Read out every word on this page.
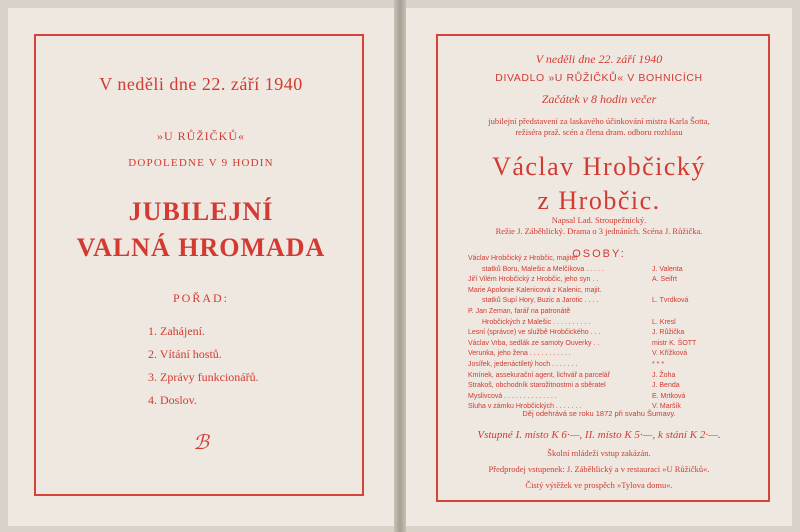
V neděli dne 22. září 1940
»U RŮŽIČKŮ«
DOPOLEDNE V 9 HODIN
JUBILEJNÍ
VALNÁ HROMADA
POŘAD:
1. Zahájení.
2. Vítání hostů.
3. Zprávy funkcionářů.
4. Doslov.
ℬ
V neděli dne 22. září 1940
DIVADLO »U RŮŽIČKŮ« V BOHNICÍCH
Začátek v 8 hodin večer
jubilejní představení za laskavého účinkování mistra Karla Šotta,
režiséra praž. scén a člena dram. odboru rozhlasu
Václav Hrobčický
z Hrobčic.
Napsal Lad. Stroupežnický.
Režie J. Záběhlický. Drama o 3 jednáních. Scéna J. Růžička.
OSOBY:
Děj odehrává se roku 1872 při svahu Šumavy.
Vstupné I. místo K 6·—, II. místo K 5·—, k stání K 2·—.
Školní mládeži vstup zakázán.
Předprodej vstupenek: J. Záběhlický a v restauraci »U Růžičků«.
Čistý výtěžek ve prospěch »Tylova domu«.
Václav Hrobčický z Hrobčic, majitel
statků Boru, Malešic a Melčíkova . . . . .	J. Valenta
Jiří Vilém Hrobčický z Hrobčic, jeho syn . .	A. Seifrt
Marie Apolonie Kalenicová z Kalenic, majit.
statků Supí Hory, Buzic a Jarotic . . . .	L. Tvrdková
P. Jan Zeman, farář na patronátě
Hrobčických z Malešic . . . . . . . . . .	L. Kresl
Lesní (správce) ve službě Hrobčického . . .	J. Růžička
Václav Vrba, sedlák ze samoty Ouverky . .	mistr K. ŠOTT
Verunka, jeho žena . . . . . . . . . . .	V. Křížková
Josífek, jedenáctiletý hoch . . . . . . .	* * *
Kmínek, assekurační agent, lichvář a parcelář	J. Žoha
Strakoš, obchodník starožitnostmi a sběratel	J. Benda
Myslivcová . . . . . . . . . . . . . .	E. Mrtková
Sluha v zámku Hrobčických . . . . . . .	V. Maršík
